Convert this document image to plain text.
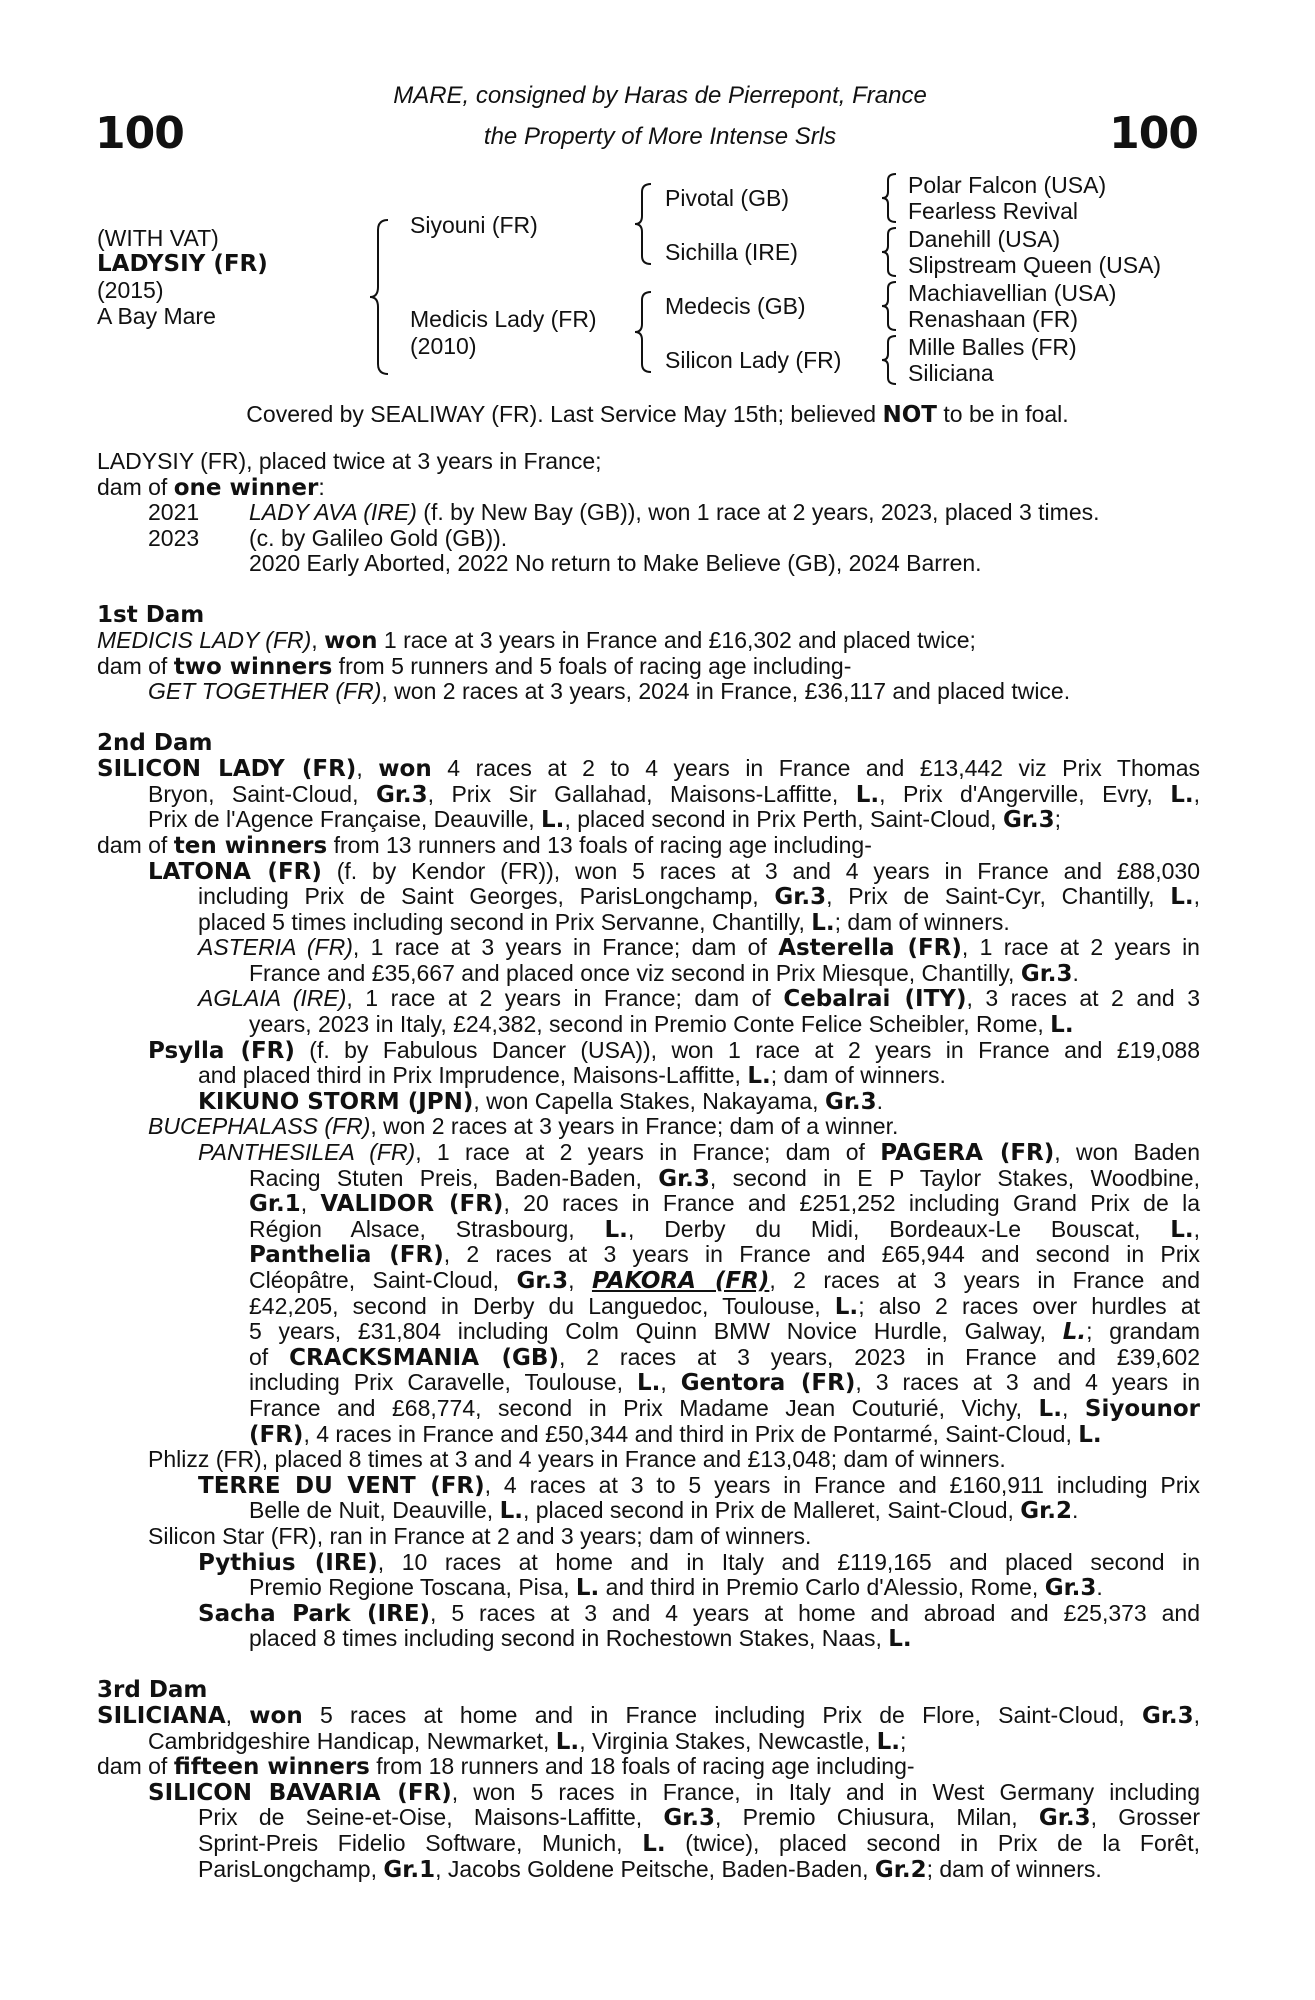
100	100
MARE, consigned by Haras de Pierrepont, France
the Property of More Intense Srls
(WITH VAT)
LADYSIY (FR)
(2015)
A Bay Mare
Siyouni (FR)
Medicis Lady (FR)
(2010)
Pivotal (GB)
Sichilla (IRE)
Medecis (GB)
Silicon Lady (FR)
Polar Falcon (USA)
Fearless Revival
Danehill (USA)
Slipstream Queen (USA)
Machiavellian (USA)
Renashaan (FR)
Mille Balles (FR)
Siliciana
Covered by SEALIWAY (FR). Last Service May 15th; believed NOT to be in foal.
LADYSIY (FR), placed twice at 3 years in France;
dam of one winner:
2021 LADY AVA (IRE) (f. by New Bay (GB)), won 1 race at 2 years, 2023, placed 3 times.
2023 (c. by Galileo Gold (GB)).
2020 Early Aborted, 2022 No return to Make Believe (GB), 2024 Barren.
1st Dam
MEDICIS LADY (FR), won 1 race at 3 years in France and £16,302 and placed twice;
dam of two winners from 5 runners and 5 foals of racing age including-
GET TOGETHER (FR), won 2 races at 3 years, 2024 in France, £36,117 and placed twice.
2nd Dam
SILICON LADY (FR), won 4 races at 2 to 4 years in France and £13,442 viz Prix Thomas
Bryon, Saint-Cloud, Gr.3, Prix Sir Gallahad, Maisons-Laffitte, L., Prix d'Angerville, Evry, L.,
Prix de l'Agence Française, Deauville, L., placed second in Prix Perth, Saint-Cloud, Gr.3;
dam of ten winners from 13 runners and 13 foals of racing age including-
LATONA (FR) (f. by Kendor (FR)), won 5 races at 3 and 4 years in France and £88,030
including Prix de Saint Georges, ParisLongchamp, Gr.3, Prix de Saint-Cyr, Chantilly, L.,
placed 5 times including second in Prix Servanne, Chantilly, L.; dam of winners.
ASTERIA (FR), 1 race at 3 years in France; dam of Asterella (FR), 1 race at 2 years in
France and £35,667 and placed once viz second in Prix Miesque, Chantilly, Gr.3.
AGLAIA (IRE), 1 race at 2 years in France; dam of Cebalrai (ITY), 3 races at 2 and 3
years, 2023 in Italy, £24,382, second in Premio Conte Felice Scheibler, Rome, L.
Psylla (FR) (f. by Fabulous Dancer (USA)), won 1 race at 2 years in France and £19,088
and placed third in Prix Imprudence, Maisons-Laffitte, L.; dam of winners.
KIKUNO STORM (JPN), won Capella Stakes, Nakayama, Gr.3.
BUCEPHALASS (FR), won 2 races at 3 years in France; dam of a winner.
PANTHESILEA (FR), 1 race at 2 years in France; dam of PAGERA (FR), won Baden
Racing Stuten Preis, Baden-Baden, Gr.3, second in E P Taylor Stakes, Woodbine,
Gr.1, VALIDOR (FR), 20 races in France and £251,252 including Grand Prix de la
Région Alsace, Strasbourg, L., Derby du Midi, Bordeaux-Le Bouscat, L.,
Panthelia (FR), 2 races at 3 years in France and £65,944 and second in Prix
Cléopâtre, Saint-Cloud, Gr.3, PAKORA (FR), 2 races at 3 years in France and
£42,205, second in Derby du Languedoc, Toulouse, L.; also 2 races over hurdles at
5 years, £31,804 including Colm Quinn BMW Novice Hurdle, Galway, L.; grandam
of CRACKSMANIA (GB), 2 races at 3 years, 2023 in France and £39,602
including Prix Caravelle, Toulouse, L., Gentora (FR), 3 races at 3 and 4 years in
France and £68,774, second in Prix Madame Jean Couturié, Vichy, L., Siyounor
(FR), 4 races in France and £50,344 and third in Prix de Pontarmé, Saint-Cloud, L.
Phlizz (FR), placed 8 times at 3 and 4 years in France and £13,048; dam of winners.
TERRE DU VENT (FR), 4 races at 3 to 5 years in France and £160,911 including Prix
Belle de Nuit, Deauville, L., placed second in Prix de Malleret, Saint-Cloud, Gr.2.
Silicon Star (FR), ran in France at 2 and 3 years; dam of winners.
Pythius (IRE), 10 races at home and in Italy and £119,165 and placed second in
Premio Regione Toscana, Pisa, L. and third in Premio Carlo d'Alessio, Rome, Gr.3.
Sacha Park (IRE), 5 races at 3 and 4 years at home and abroad and £25,373 and
placed 8 times including second in Rochestown Stakes, Naas, L.
3rd Dam
SILICIANA, won 5 races at home and in France including Prix de Flore, Saint-Cloud, Gr.3,
Cambridgeshire Handicap, Newmarket, L., Virginia Stakes, Newcastle, L.;
dam of fifteen winners from 18 runners and 18 foals of racing age including-
SILICON BAVARIA (FR), won 5 races in France, in Italy and in West Germany including
Prix de Seine-et-Oise, Maisons-Laffitte, Gr.3, Premio Chiusura, Milan, Gr.3, Grosser
Sprint-Preis Fidelio Software, Munich, L. (twice), placed second in Prix de la Forêt,
ParisLongchamp, Gr.1, Jacobs Goldene Peitsche, Baden-Baden, Gr.2; dam of winners.
